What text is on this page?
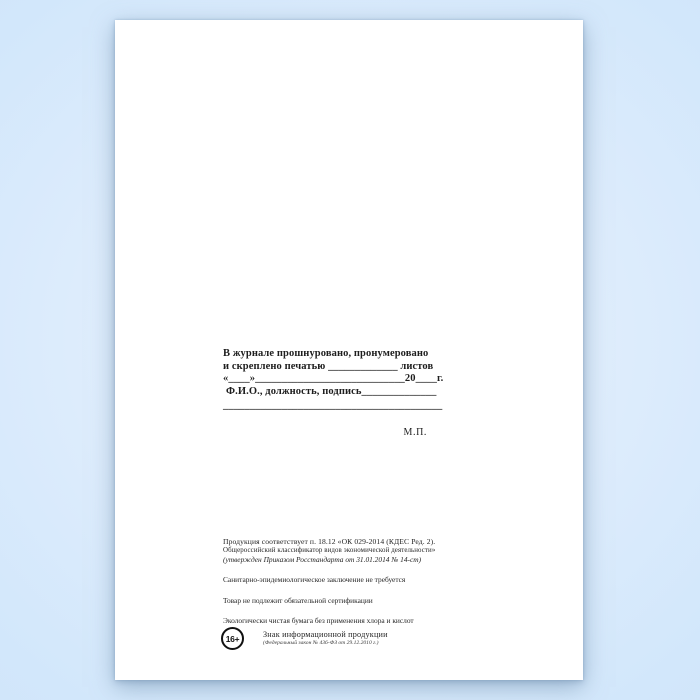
В журнале прошнуровано, пронумеровано
и скреплено печатью _____________ листов
«____»____________________________20____г.
Ф.И.О., должность, подпись______________
_________________________________________
М.П.
Продукция соответствует п. 18.12 «ОК 029-2014 (КДЕС Ред. 2).
Общероссийский классификатор видов экономической деятельности»
(утвержден Приказом Росстандарта от 31.01.2014 № 14-ст)
Санитарно-эпидемиологическое заключение не требуется
Товар не подлежит обязательной сертификации
Экологически чистая бумага без применения хлора и кислот
16+	Знак информационной продукции
(Федеральный закон № 436-ФЗ от 29.12.2010 г.)
